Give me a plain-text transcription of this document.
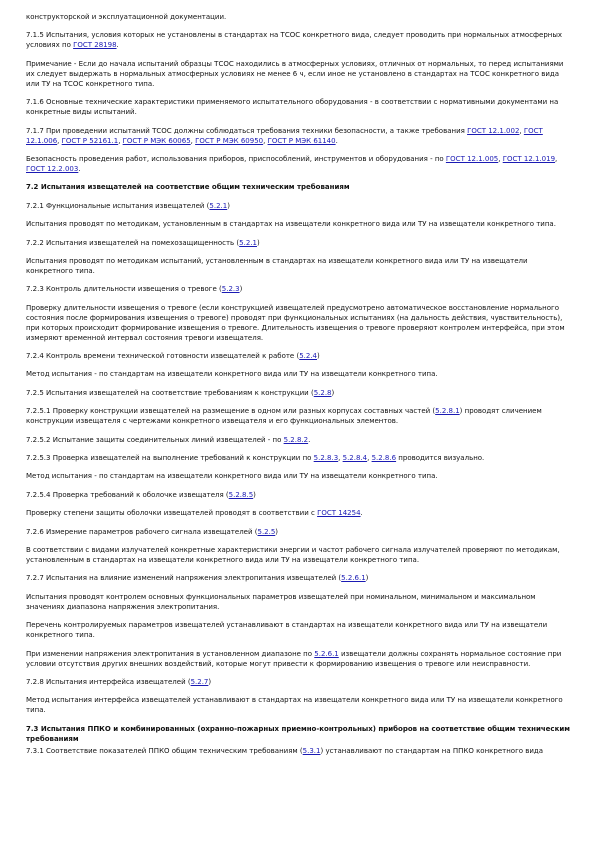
конструкторской и эксплуатационной документации.

7.1.5 Испытания, условия которых не установлены в стандартах на ТСОС конкретного вида, следует проводить при нормальных атмосферных условиях по ГОСТ 28198.

Примечание - Если до начала испытаний образцы ТСОС находились в атмосферных условиях, отличных от нормальных, то перед испытаниями их следует выдержать в нормальных атмосферных условиях не менее 6 ч, если иное не установлено в стандартах на ТСОС конкретного вида или ТУ на ТСОС конкретного типа.

7.1.6 Основные технические характеристики применяемого испытательного оборудования - в соответствии с нормативными документами на конкретные виды испытаний.

7.1.7 При проведении испытаний ТСОС должны соблюдаться требования техники безопасности, а также требования ГОСТ 12.1.002, ГОСТ 12.1.006, ГОСТ Р 52161.1, ГОСТ Р МЭК 60065, ГОСТ Р МЭК 60950, ГОСТ Р МЭК 61140.

Безопасность проведения работ, использования приборов, приспособлений, инструментов и оборудования - по ГОСТ 12.1.005, ГОСТ 12.1.019, ГОСТ 12.2.003.

7.2 Испытания извещателей на соответствие общим техническим требованиям

7.2.1 Функциональные испытания извещателей (5.2.1)

Испытания проводят по методикам, установленным в стандартах на извещатели конкретного вида или ТУ на извещатели конкретного типа.

7.2.2 Испытания извещателей на помехозащищенность (5.2.1)

Испытания проводят по методикам испытаний, установленным в стандартах на извещатели конкретного вида или ТУ на извещатели конкретного типа.

7.2.3 Контроль длительности извещения о тревоге (5.2.3)

Проверку длительности извещения о тревоге (если конструкцией извещателей предусмотрено автоматическое восстановление нормального состояния после формирования извещения о тревоге) проводят при функциональных испытаниях (на дальность действия, чувствительность), при которых происходит формирование извещения о тревоге. Длительность извещения о тревоге проверяют контролем интерфейса, при этом измеряют временной интервал состояния тревоги извещателя.

7.2.4 Контроль времени технической готовности извещателей к работе (5.2.4)

Метод испытания - по стандартам на извещатели конкретного вида или ТУ на извещатели конкретного типа.

7.2.5 Испытания извещателей на соответствие требованиям к конструкции (5.2.8)

7.2.5.1 Проверку конструкции извещателей на размещение в одном или разных корпусах составных частей (5.2.8.1) проводят сличением конструкции извещателя с чертежами конкретного извещателя и его функциональных элементов.

7.2.5.2 Испытание защиты соединительных линий извещателей - по 5.2.8.2.

7.2.5.3 Проверка извещателей на выполнение требований к конструкции по 5.2.8.3, 5.2.8.4, 5.2.8.6 проводится визуально.

Метод испытания - по стандартам на извещатели конкретного вида или ТУ на извещатели конкретного типа.

7.2.5.4 Проверка требований к оболочке извещателя (5.2.8.5)

Проверку степени защиты оболочки извещателей проводят в соответствии с ГОСТ 14254.

7.2.6 Измерение параметров рабочего сигнала извещателей (5.2.5)

В соответствии с видами излучателей конкретные характеристики энергии и частот рабочего сигнала излучателей проверяют по методикам, установленным в стандартах на извещатели конкретного вида или ТУ на извещатели конкретного типа.

7.2.7 Испытания на влияние изменений напряжения электропитания извещателей (5.2.6.1)

Испытания проводят контролем основных функциональных параметров извещателей при номинальном, минимальном и максимальном значениях диапазона напряжения электропитания.

Перечень контролируемых параметров извещателей устанавливают в стандартах на извещатели конкретного вида или ТУ на извещатели конкретного типа.

При изменении напряжения электропитания в установленном диапазоне по 5.2.6.1 извещатели должны сохранять нормальное состояние при условии отсутствия других внешних воздействий, которые могут привести к формированию извещения о тревоге или неисправности.

7.2.8 Испытания интерфейса извещателей (5.2.7)

Метод испытания интерфейса извещателей устанавливают в стандартах на извещатели конкретного вида или ТУ на извещатели конкретного типа.

7.3 Испытания ППКО и комбинированных (охранно-пожарных приемно-контрольных) приборов на соответствие общим техническим требованиям

7.3.1 Соответствие показателей ППКО общим техническим требованиям (5.3.1) устанавливают по стандартам на ППКО конкретного вида
